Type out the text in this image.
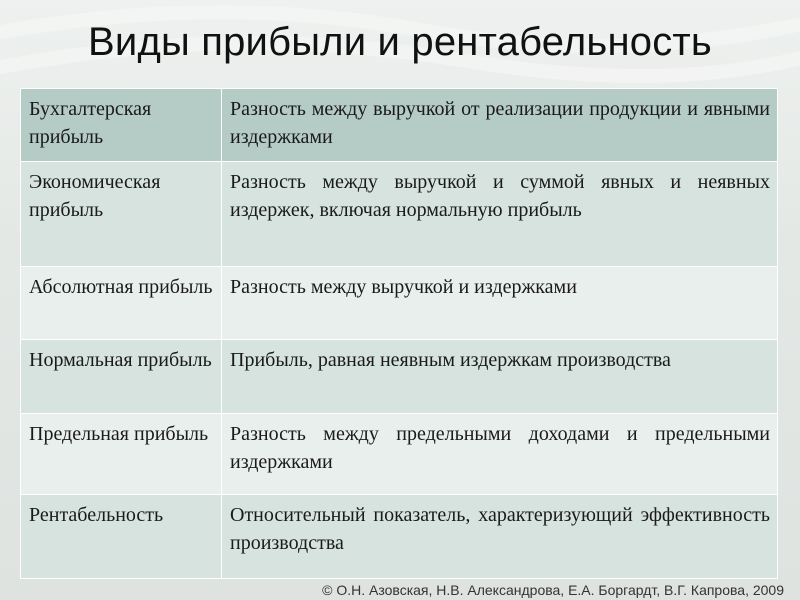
Виды прибыли и рентабельность
Бухгалтерская прибыль	Разность между выручкой от реализации продукции и явными издержками
Экономическая прибыль	Разность между выручкой и суммой явных и неявных издержек, включая нормальную прибыль
Абсолютная прибыль	Разность между выручкой и издержками
Нормальная прибыль	Прибыль, равная неявным издержкам производства
Предельная прибыль	Разность между предельными доходами и предельными издержками
Рентабельность	Относительный показатель, характеризующий эффективность производства
© О.Н. Азовская, Н.В. Александрова, Е.А. Боргардт, В.Г. Капрова, 2009
